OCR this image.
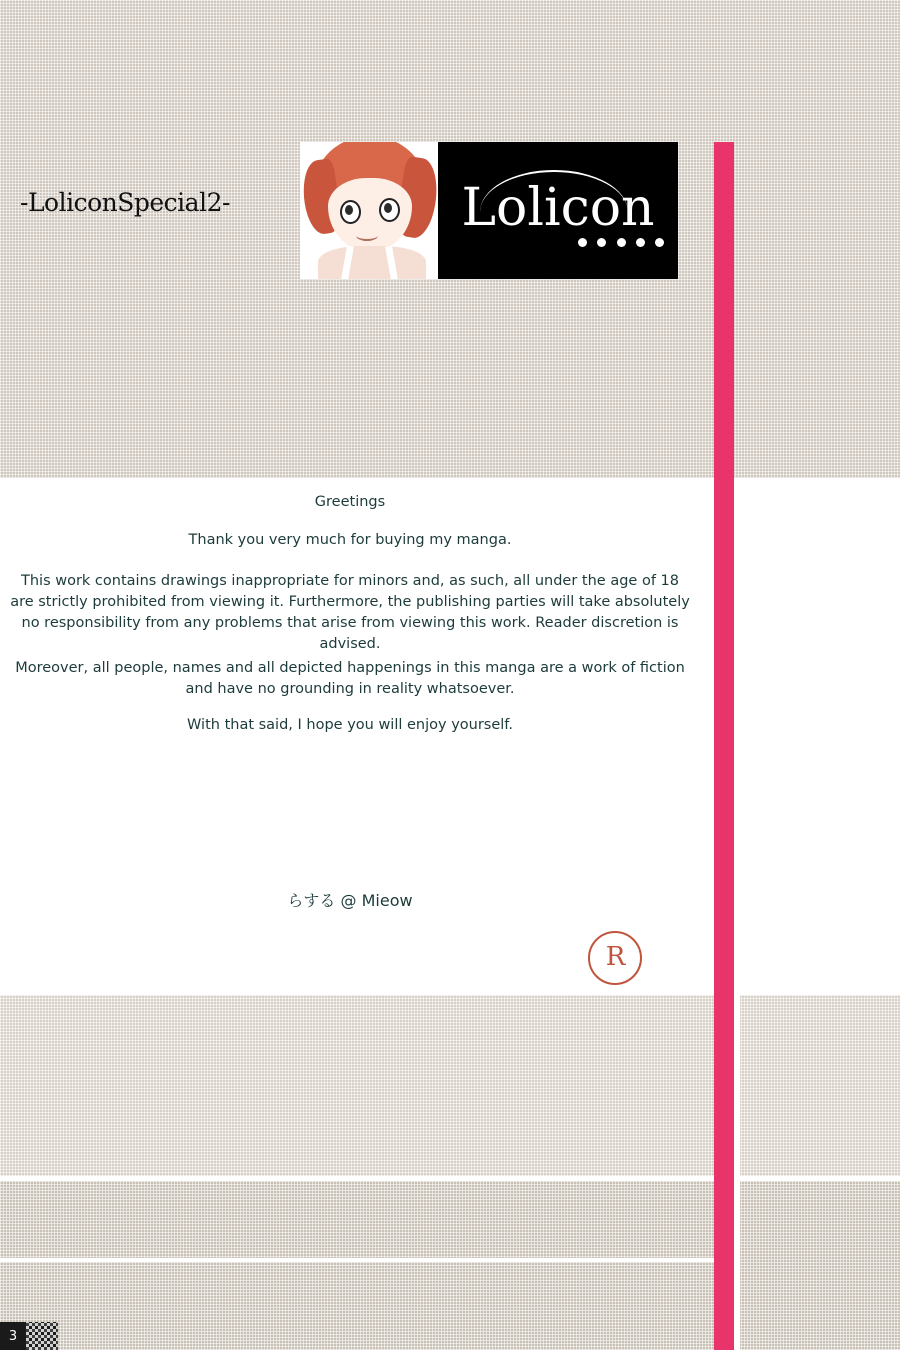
-LoliconSpecial2-	Lolicon
Greetings
Thank you very much for buying my manga.
This work contains drawings inappropriate for minors and, as such, all under the age of 18 are strictly prohibited from viewing it. Furthermore, the publishing parties will take absolutely no responsibility from any problems that arise from viewing this work. Reader discretion is advised.
Moreover, all people, names and all depicted happenings in this manga are a work of fiction and have no grounding in reality whatsoever.
With that said, I hope you will enjoy yourself.
らする @ Mieow
R
3
